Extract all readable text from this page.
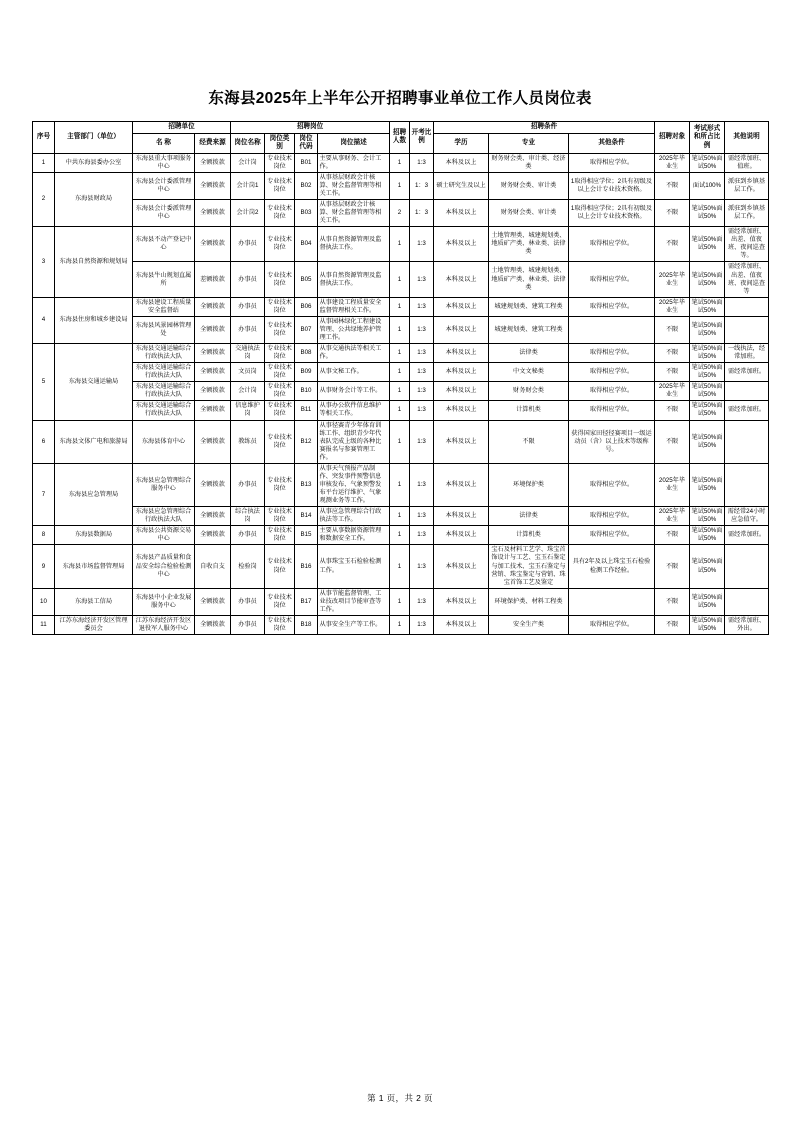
东海县2025年上半年公开招聘事业单位工作人员岗位表
序号	主管部门（单位）	招聘单位		招聘岗位				招聘人数	开考比例	招聘条件			招聘对象	考试形式和所占比例	其他说明
		名 称	经费来源	岗位名称	岗位类别	岗位代码	岗位描述			学历	专业	其他条件			
1	中共东海县委办公室	东海县重大事项服务中心	全额拨款	会计岗	专业技术岗位	B01	主要从事财务、会计工作。	1	1:3	本科及以上	财务财会类、审计类、经济类	取得相应学位。	2025年毕业生	笔试50%面试50%	需经常加班、值班。
2	东海县财政局	东海县会计委派管理中心	全额拨款	会计岗1	专业技术岗位	B02	从事基层财政会计核算、财会监督管理等相关工作。	1	1：3	硕士研究生及以上	财务财会类、审计类	1取得相应学位；2具有初级及以上会计专业技术资格。	不限	面试100%	派驻到乡镇基层工作。
		东海县会计委派管理中心	全额拨款	会计岗2	专业技术岗位	B03	从事基层财政会计核算、财会监督管理等相关工作。	2	1：3	本科及以上	财务财会类、审计类	1取得相应学位；2具有初级及以上会计专业技术资格。	不限	笔试50%面试50%	派驻到乡镇基层工作。
3	东海县自然资源和规划局	东海县不动产登记中心	全额拨款	办事员	专业技术岗位	B04	从事自然资源管理及监督执法工作。	1	1:3	本科及以上	土地管理类、城建规划类、地质矿产类、林业类、法律类	取得相应学位。	不限	笔试50%面试50%	需经常加班、出差、值夜班、夜间巡查等。
		东海县牛山规划直属所	差额拨款	办事员	专业技术岗位	B05	从事自然资源管理及监督执法工作。	1	1:3	本科及以上	土地管理类、城建规划类、地质矿产类、林业类、法律类	取得相应学位。	2025年毕业生	笔试50%面试50%	需经常加班、出差、值夜班、夜间巡查等
4	东海县住房和城乡建设局	东海县建设工程质量安全监督站	全额拨款	办事员	专业技术岗位	B06	从事建设工程质量安全监督管理相关工作。	1	1:3	本科及以上	城建规划类、建筑工程类	取得相应学位。	2025年毕业生	笔试50%面试50%	
		东海县风景园林管理处	全额拨款	办事员	专业技术岗位	B07	从事园林绿化工程建设管理、公共绿地养护管理工作。	1	1:3	本科及以上	城建规划类、建筑工程类		不限	笔试50%面试50%	
5	东海县交通运输局	东海县交通运输综合行政执法大队	全额拨款	交通执法岗	专业技术岗位	B08	从事交通执法等相关工作。	1	1:3	本科及以上	法律类	取得相应学位。	不限	笔试50%面试50%	一线执法，经常加班。
		东海县交通运输综合行政执法大队	全额拨款	文员岗	专业技术岗位	B09	从事文秘工作。	1	1:3	本科及以上	中文文秘类	取得相应学位。	不限	笔试50%面试50%	需经常加班。
		东海县交通运输综合行政执法大队	全额拨款	会计岗	专业技术岗位	B10	从事财务会计等工作。	1	1:3	本科及以上	财务财会类	取得相应学位。	2025年毕业生	笔试50%面试50%	
		东海县交通运输综合行政执法大队	全额拨款	信息维护岗	专业技术岗位	B11	从事办公软件信息维护等相关工作。	1	1:3	本科及以上	计算机类	取得相应学位。	不限	笔试50%面试50%	需经常加班。
6	东海县文体广电和旅游局	东海县体育中心	全额拨款	教练员	专业技术岗位	B12	从事径赛青少年体育训练工作、组织青少年代表队完成上级的各种比赛报名与参赛管理工作。	1	1:3	本科及以上	不限	获得国家田径径赛项目一级运动员（含）以上技术等级称号。	不限	笔试50%面试50%	
7	东海县应急管理局	东海县应急管理综合服务中心	全额拨款	办事员	专业技术岗位	B13	从事天气预报产品制作、突发事件预警信息审核发布、气象预警发布平台运行维护、气象观测业务等工作。	1	1:3	本科及以上	环境保护类	取得相应学位。	2025年毕业生	笔试50%面试50%	
		东海县应急管理综合行政执法大队	全额拨款	综合执法岗	专业技术岗位	B14	从事应急管理综合行政执法等工作。	1	1:3	本科及以上	法律类	取得相应学位。	2025年毕业生	笔试50%面试50%	需经常24小时应急值守。
8	东海县数据局	东海县公共资源交易中心	全额拨款	办事员	专业技术岗位	B15	主要从事数据资源管理和数据安全工作。	1	1:3	本科及以上	计算机类	取得相应学位。	不限	笔试50%面试50%	需经常加班。
9	东海县市场监督管理局	东海县产品质量和食品安全综合检验检测中心	自收自支	检验岗	专业技术岗位	B16	从事珠宝玉石检验检测工作。	1	1:3	本科及以上	宝石及材料工艺学、珠宝首饰设计与工艺、宝玉石鉴定与加工技术、宝玉石鉴定与营销、珠宝鉴定与营销、珠宝首饰工艺及鉴定	具有2年及以上珠宝玉石检验检测工作经验。	不限	笔试50%面试50%	
10	东海县工信局	东海县中小企业发展服务中心	全额拨款	办事员	专业技术岗位	B17	从事节能监督管理、工业技改项目节能审查等工作。	1	1:3	本科及以上	环境保护类、材料工程类		不限	笔试50%面试50%	
11	江苏东海经济开发区管理委员会	江苏东海经济开发区退役军人服务中心	全额拨款	办事员	专业技术岗位	B18	从事安全生产等工作。	1	1:3	本科及以上	安全生产类	取得相应学位。	不限	笔试50%面试50%	需经常加班、外出。
第 1 页，共 2 页
